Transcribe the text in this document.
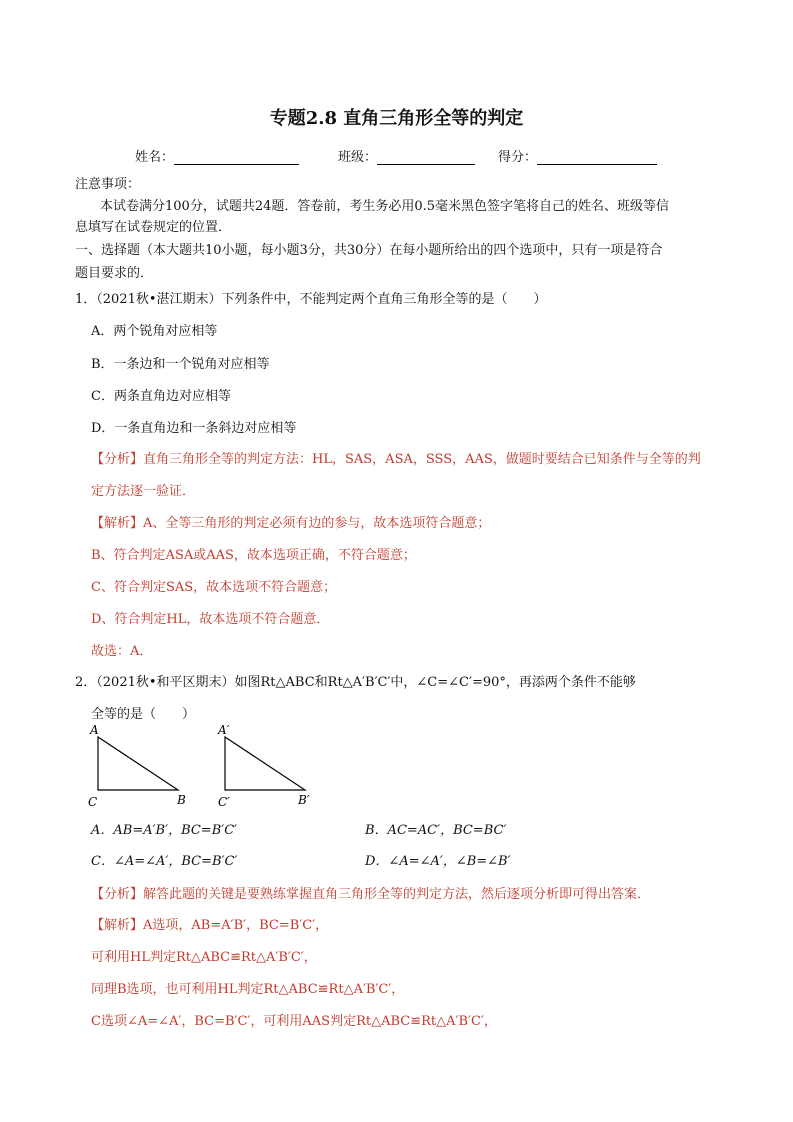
专题2.8 直角三角形全等的判定
姓名：	班级：	得分：
注意事项：
本试卷满分100分，试题共24题．答卷前，考生务必用0.5毫米黑色签字笔将自己的姓名、班级等信
息填写在试卷规定的位置．
一、选择题（本大题共10小题，每小题3分，共30分）在每小题所给出的四个选项中，只有一项是符合
题目要求的．
1．（2021秋•湛江期末）下列条件中，不能判定两个直角三角形全等的是（　　）
A．两个锐角对应相等
B．一条边和一个锐角对应相等
C．两条直角边对应相等
D．一条直角边和一条斜边对应相等
【分析】直角三角形全等的判定方法：HL，SAS，ASA，SSS，AAS，做题时要结合已知条件与全等的判
定方法逐一验证．
【解析】A、全等三角形的判定必须有边的参与，故本选项符合题意；
B、符合判定ASA或AAS，故本选项正确，不符合题意；
C、符合判定SAS，故本选项不符合题意；
D、符合判定HL，故本选项不符合题意．
故选：A．
2．（2021秋•和平区期末）如图Rt△ABC和Rt△A′B′C′中，∠C=∠C′=90°，再添两个条件不能够
全等的是（　　）
A
C	B
A′
C′	B′
A．AB=A′B′，BC=B′C′	B．AC=AC′，BC=BC′
C．∠A=∠A′，BC=B′C′	D．∠A=∠A′，∠B=∠B′
【分析】解答此题的关键是要熟练掌握直角三角形全等的判定方法，然后逐项分析即可得出答案．
【解析】A选项，AB=A′B′，BC=B′C′，
可利用HL判定Rt△ABC≌Rt△A′B′C′，
同理B选项，也可利用HL判定Rt△ABC≌Rt△A′B′C′，
C选项∠A=∠A′，BC=B′C′，可利用AAS判定Rt△ABC≌Rt△A′B′C′，
